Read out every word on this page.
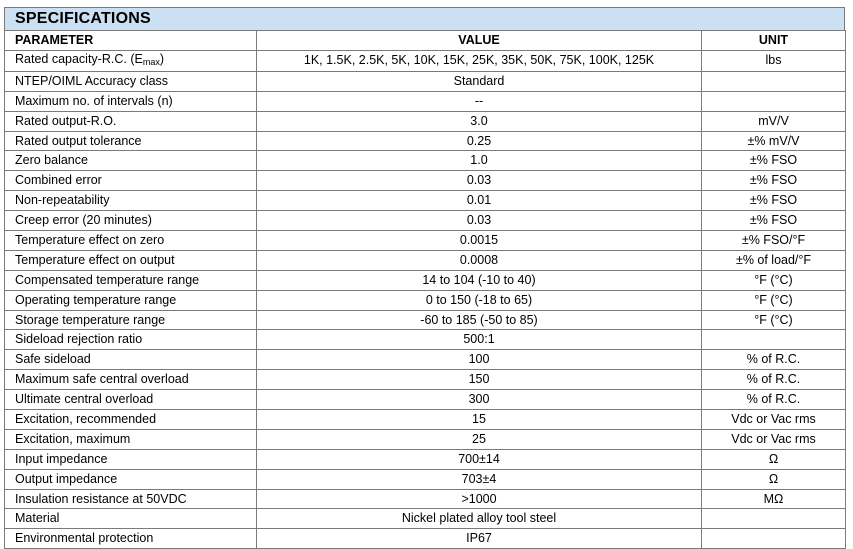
SPECIFICATIONS
PARAMETER	VALUE	UNIT
Rated capacity-R.C. $(E_{max})$	1K, 1.5K, 2.5K, 5K, 10K, 15K, 25K, 35K, 50K, 75K, 100K, 125K	lbs
NTEP/OIML Accuracy class	Standard	
Maximum no. of intervals (n)	--	
Rated output-R.O.	3.0	mV/V
Rated output tolerance	0.25	±% mV/V
Zero balance	1.0	±% FSO
Combined error	0.03	±% FSO
Non-repeatability	0.01	±% FSO
Creep error (20 minutes)	0.03	±% FSO
Temperature effect on zero	0.0015	±% FSO/°F
Temperature effect on output	0.0008	±% of load/°F
Compensated temperature range	14 to 104 (-10 to 40)	°F (°C)
Operating temperature range	0 to 150 (-18 to 65)	°F (°C)
Storage temperature range	-60 to 185 (-50 to 85)	°F (°C)
Sideload rejection ratio	500:1	
Safe sideload	100	% of R.C.
Maximum safe central overload	150	% of R.C.
Ultimate central overload	300	% of R.C.
Excitation, recommended	15	Vdc or Vac rms
Excitation, maximum	25	Vdc or Vac rms
Input impedance	700±14	Ω
Output impedance	703±4	Ω
Insulation resistance at 50VDC	>1000	MΩ
Material	Nickel plated alloy tool steel	
Environmental protection	IP67	
